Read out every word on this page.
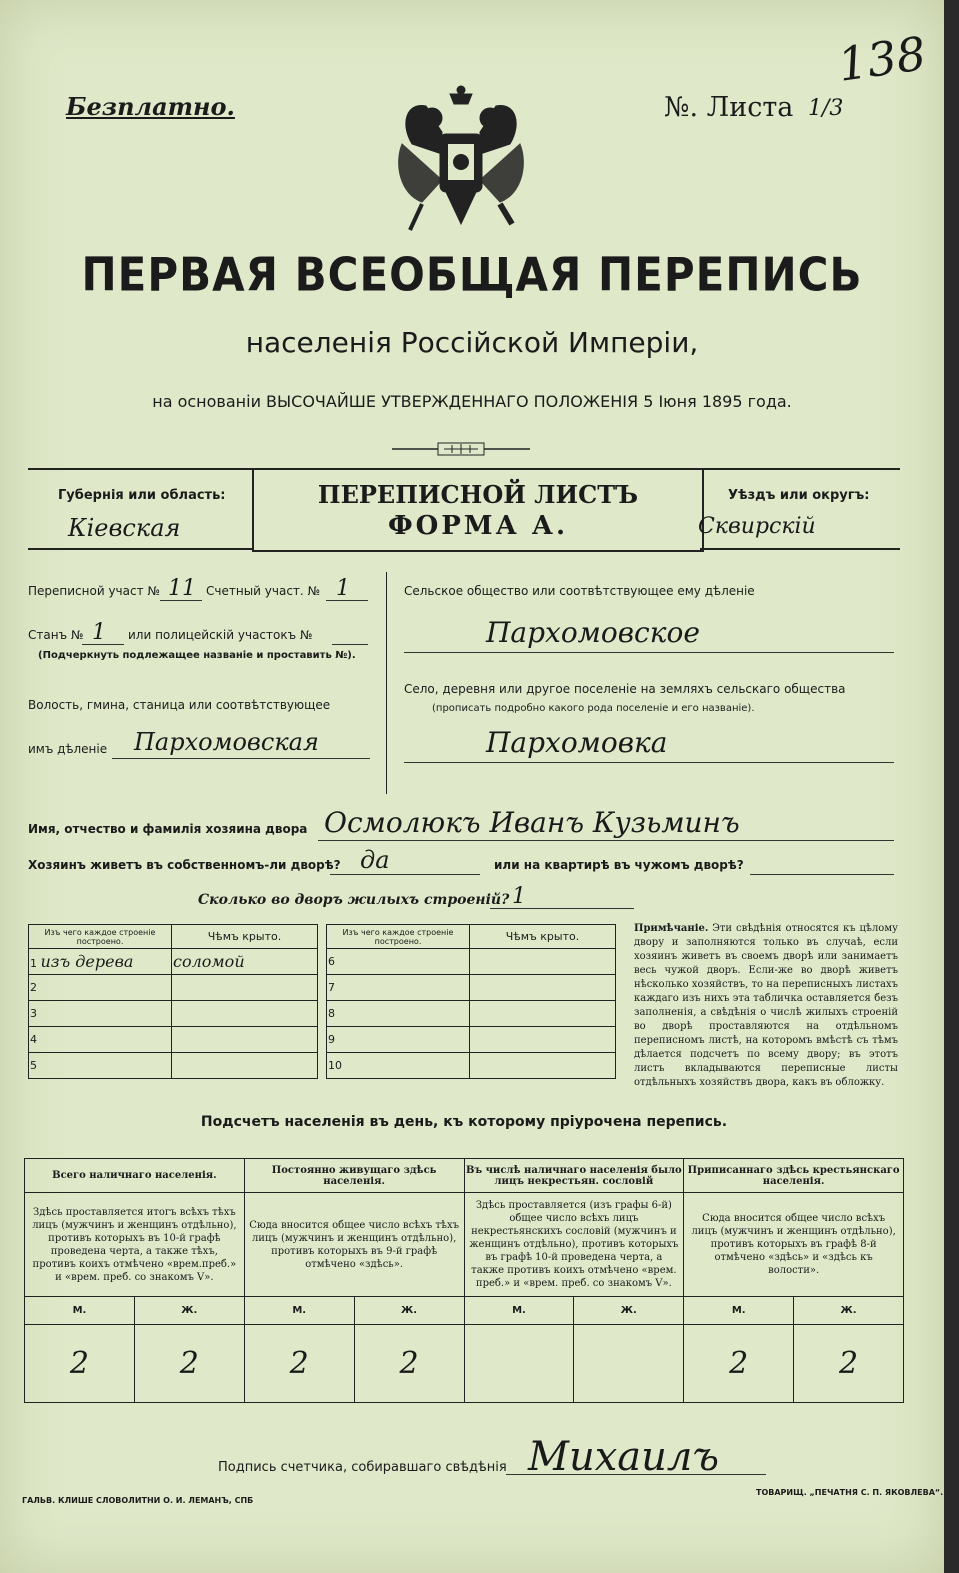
Безплатно.	№. Листа 1/3
138
ПЕРВАЯ ВСЕОБЩАЯ ПЕРЕПИСЬ
населенія Россійской Имперіи,
на основаніи ВЫСОЧАЙШЕ УТВЕРЖДЕННАГО ПОЛОЖЕНІЯ 5 Іюня 1895 года.
ПЕРЕПИСНОЙ ЛИСТЪ
ФОРМА А.
Губернія или область:
Кіевская
Уѣздъ или округъ:
Сквирскій
Переписной участ № 11 Счетный участ. № 1
Станъ № 1 или полицейскій участокъ №
(Подчеркнуть подлежащее названіе и проставить №).
Волость, гмина, станица или соотвѣтствующее
имъ дѣленіе Пархомовская
Сельское общество или соотвѣтствующее ему дѣленіе
Пархомовское
Село, деревня или другое поселеніе на земляхъ сельскаго общества
(прописать подробно какого рода поселеніе и его названіе).
Пархомовка
Имя, отчество и фамилія хозяина двора Осмолюкъ Иванъ Кузьминъ
Хозяинъ живетъ въ собственномъ-ли дворѣ? да	или на квартирѣ въ чужомъ дворѣ?
Сколько во дворъ жилыхъ строеній? 1
Изъ чего каждое строеніе построено.	Чѣмъ крыто.
1 изъ дерева	соломой
2	
3	
4	
5	
Изъ чего каждое строеніе построено.	Чѣмъ крыто.
6	
7	
8	
9	
10	
Примѣчаніе. Эти свѣдѣнія относятся къ цѣлому двору и заполняются только въ случаѣ, если хозяинъ живетъ въ своемъ дворѣ или занимаетъ весь чужой дворъ. Если-же во дворѣ живетъ нѣсколько хозяйствъ, то на переписныхъ листахъ каждаго изъ нихъ эта табличка оставляется безъ заполненія, а свѣдѣнія о числѣ жилыхъ строеній во дворѣ проставляются на отдѣльномъ переписномъ листѣ, на которомъ вмѣстѣ съ тѣмъ дѣлается подсчетъ по всему двору; въ этотъ листъ вкладываются переписные листы отдѣльныхъ хозяйствъ двора, какъ въ обложку.
Подсчетъ населенія въ день, къ которому пріурочена перепись.
Всего наличнаго населенія.		Постоянно живущаго здѣсь населенія.		Въ числѣ наличнаго населенія было лицъ некрестьян. сословій		Приписаннаго здѣсь крестьянскаго населенія.	
Здѣсь проставляется итогъ всѣхъ тѣхъ лицъ (мужчинъ и женщинъ отдѣльно), противъ которыхъ въ 10-й графѣ проведена черта, а также тѣхъ, противъ коихъ отмѣчено «врем.преб.» и «врем. преб. со знакомъ V».		Сюда вносится общее число всѣхъ тѣхъ лицъ (мужчинъ и женщинъ отдѣльно), противъ которыхъ въ 9-й графѣ отмѣчено «здѣсь».		Здѣсь проставляется (изъ графы 6-й) общее число всѣхъ лицъ некрестьянскихъ сословій (мужчинъ и женщинъ отдѣльно), противъ которыхъ въ графѣ 10-й проведена черта, а также противъ коихъ отмѣчено «врем. преб.» и «врем. преб. со знакомъ V».		Сюда вносится общее число всѣхъ лицъ (мужчинъ и женщинъ отдѣльно), противъ которыхъ въ графѣ 8-й отмѣчено «здѣсь» и «здѣсь къ волости».	
М.	Ж.	М.	Ж.	М.	Ж.	М.	Ж.
2	2	2	2			2	2
Подпись счетчика, собиравшаго свѣдѣнія Михаилъ
ГАЛЬВ. КЛИШЕ СЛОВОЛИТНИ О. И. ЛЕМАНЪ, СПБ
ТОВАРИЩ. „ПЕЧАТНЯ С. П. ЯКОВЛЕВА“.
